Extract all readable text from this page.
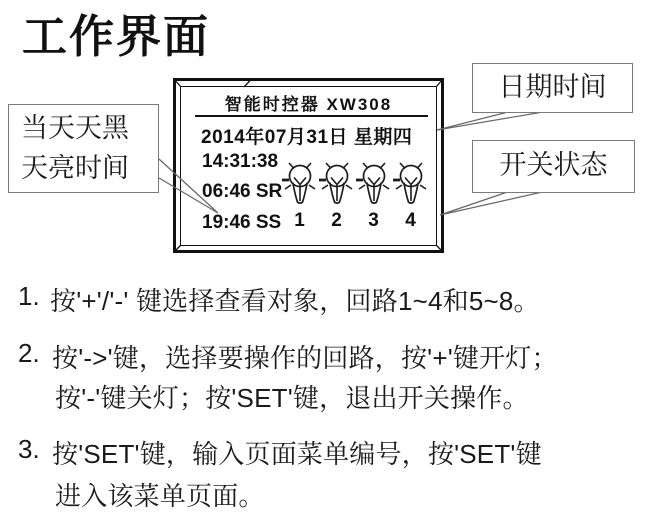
工作界面
智能时控器 XW308
2014年07月31日 星期四
14:31:38
06:46 SR
19:46 SS 1	2	3	4
当天天黑
天亮时间
日期时间
开关状态
1. 按'+'/'-' 键选择查看对象，回路1~4和5~8。
2. 按'->'键，选择要操作的回路，按'+'键开灯；
按'-'键关灯；按'SET'键，退出开关操作。
3. 按'SET'键，输入页面菜单编号，按'SET'键
进入该菜单页面。
